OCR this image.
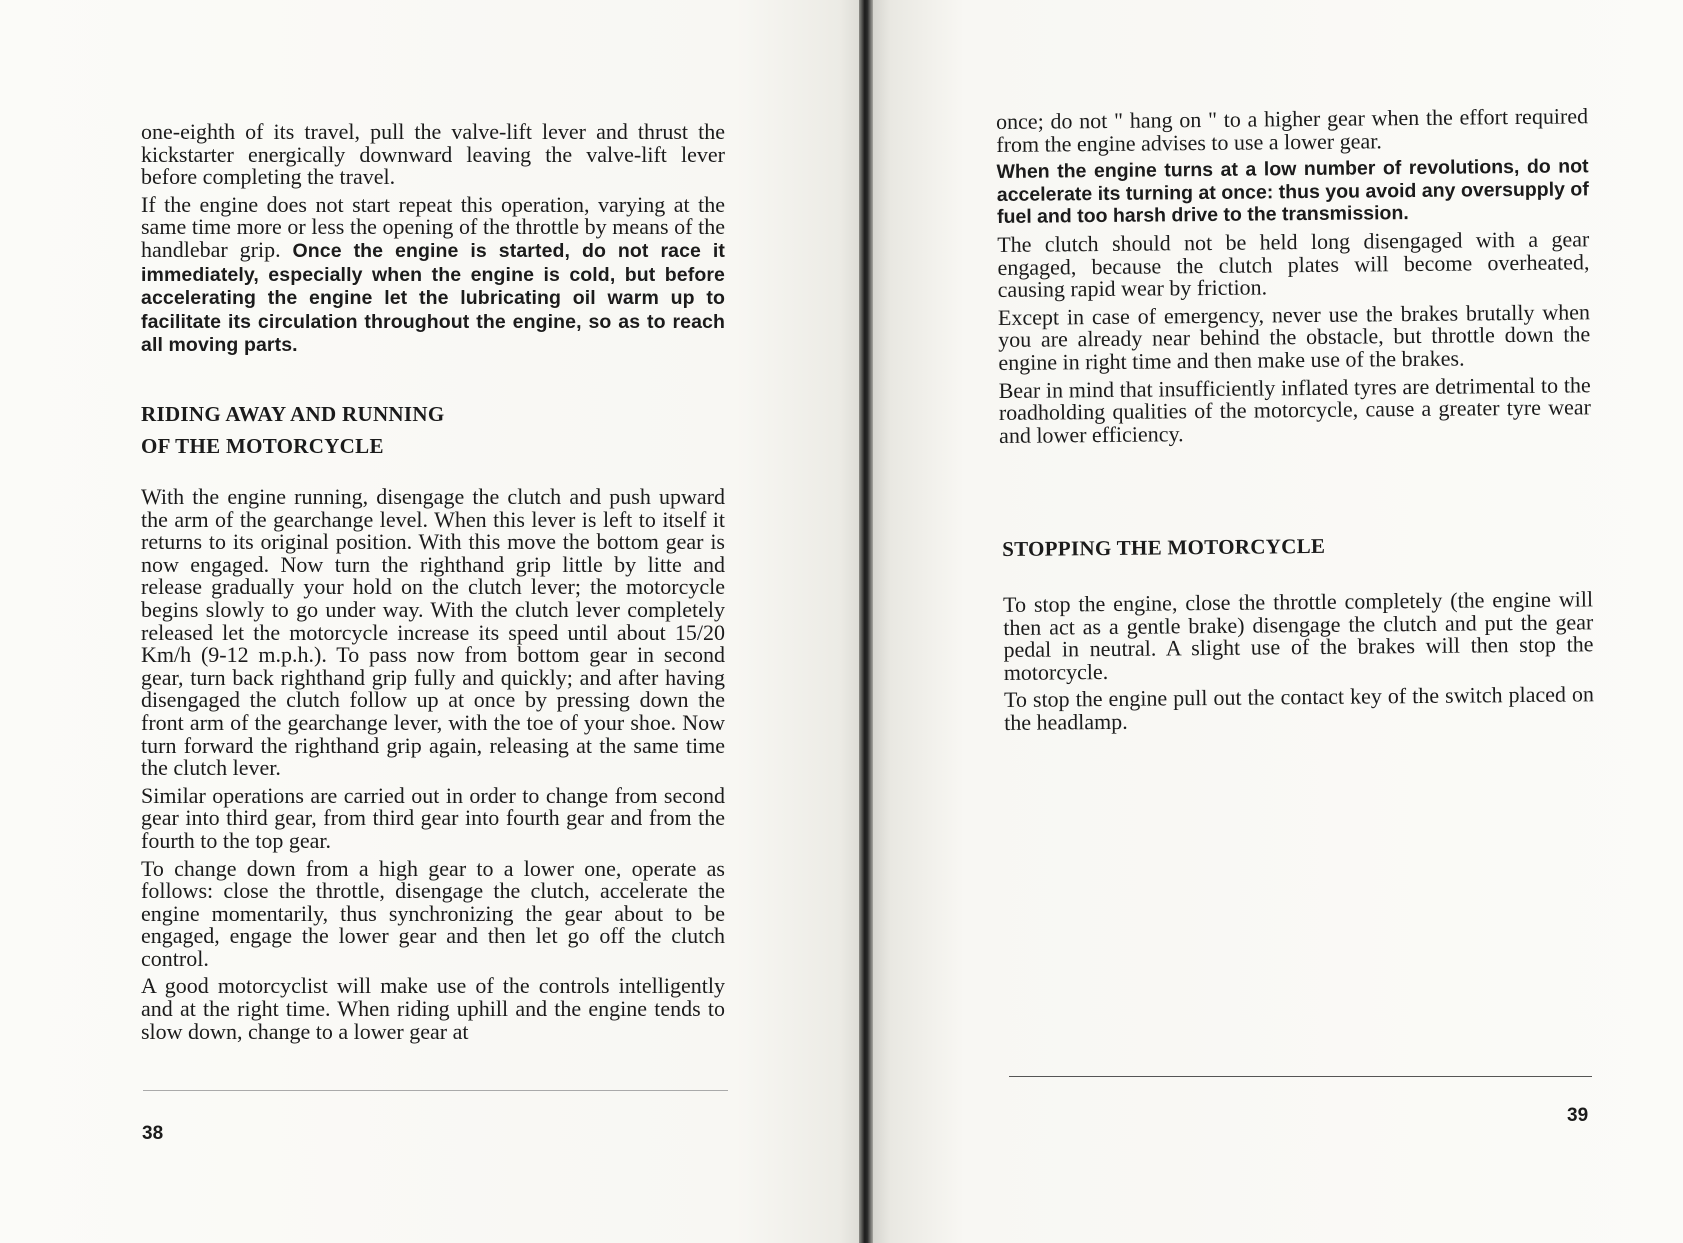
one-eighth of its travel, pull the valve-lift lever and thrust the kickstarter energically downward leaving the valve-lift lever before completing the travel.

If the engine does not start repeat this operation, varying at the same time more or less the opening of the throttle by means of the handlebar grip. Once the engine is started, do not race it immediately, especially when the engine is cold, but before accelerating the engine let the lubricating oil warm up to facilitate its circulation throughout the engine, so as to reach all moving parts.

RIDING AWAY AND RUNNING
OF THE MOTORCYCLE

With the engine running, disengage the clutch and push upward the arm of the gearchange level. When this lever is left to itself it returns to its original position. With this move the bottom gear is now engaged. Now turn the righthand grip little by litte and release gradually your hold on the clutch lever; the motorcycle begins slowly to go under way. With the clutch lever completely released let the motorcycle increase its speed until about 15/20 Km/h (9-12 m.p.h.). To pass now from bottom gear in second gear, turn back righthand grip fully and quickly; and after having disengaged the clutch follow up at once by pressing down the front arm of the gearchange lever, with the toe of your shoe. Now turn forward the righthand grip again, releasing at the same time the clutch lever.

Similar operations are carried out in order to change from second gear into third gear, from third gear into fourth gear and from the fourth to the top gear.

To change down from a high gear to a lower one, operate as follows: close the throttle, disengage the clutch, accelerate the engine momentarily, thus synchronizing the gear about to be engaged, engage the lower gear and then let go off the clutch control.

A good motorcyclist will make use of the controls intelligently and at the right time. When riding uphill and the engine tends to slow down, change to a lower gear at

38

once; do not " hang on " to a higher gear when the effort required from the engine advises to use a lower gear.

When the engine turns at a low number of revolutions, do not accelerate its turning at once: thus you avoid any oversupply of fuel and too harsh drive to the transmission.

The clutch should not be held long disengaged with a gear engaged, because the clutch plates will become overheated, causing rapid wear by friction.

Except in case of emergency, never use the brakes brutally when you are already near behind the obstacle, but throttle down the engine in right time and then make use of the brakes.

Bear in mind that insufficiently inflated tyres are detrimental to the roadholding qualities of the motorcycle, cause a greater tyre wear and lower efficiency.

STOPPING THE MOTORCYCLE

To stop the engine, close the throttle completely (the engine will then act as a gentle brake) disengage the clutch and put the gear pedal in neutral. A slight use of the brakes will then stop the motorcycle.

To stop the engine pull out the contact key of the switch placed on the headlamp.

39
